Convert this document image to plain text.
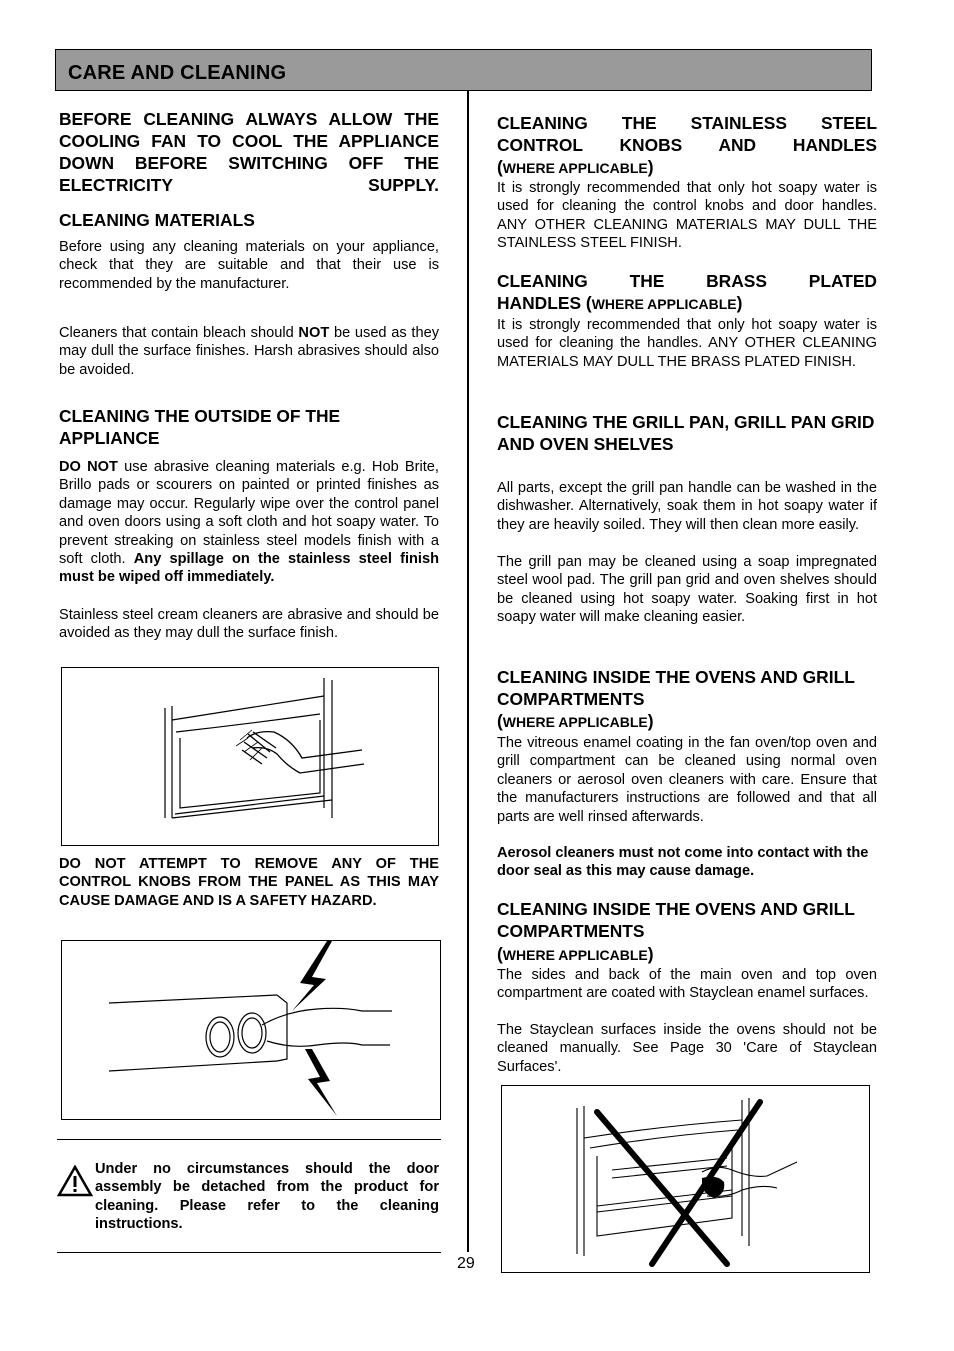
CARE AND CLEANING

BEFORE CLEANING ALWAYS ALLOW THE COOLING FAN TO COOL THE APPLIANCE DOWN BEFORE SWITCHING OFF THE ELECTRICITY SUPPLY.

CLEANING MATERIALS

Before using any cleaning materials on your appliance, check that they are suitable and that their use is recommended by the manufacturer.

Cleaners that contain bleach should NOT be used as they may dull the surface finishes. Harsh abrasives should also be avoided.

CLEANING THE OUTSIDE OF THE APPLIANCE

DO NOT use abrasive cleaning materials e.g. Hob Brite, Brillo pads or scourers on painted or printed finishes as damage may occur. Regularly wipe over the control panel and oven doors using a soft cloth and hot soapy water. To prevent streaking on stainless steel models finish with a soft cloth. Any spillage on the stainless steel finish must be wiped off immediately.

Stainless steel cream cleaners are abrasive and should be avoided as they may dull the surface finish.

DO NOT ATTEMPT TO REMOVE ANY OF THE CONTROL KNOBS FROM THE PANEL AS THIS MAY CAUSE DAMAGE AND IS A SAFETY HAZARD.

Under no circumstances should the door assembly be detached from the product for cleaning. Please refer to the cleaning instructions.

CLEANING THE STAINLESS STEEL CONTROL KNOBS AND HANDLES

(WHERE APPLICABLE)

It is strongly recommended that only hot soapy water is used for cleaning the control knobs and door handles. ANY OTHER CLEANING MATERIALS MAY DULL THE STAINLESS STEEL FINISH.

CLEANING THE BRASS PLATED

HANDLES (WHERE APPLICABLE)

It is strongly recommended that only hot soapy water is used for cleaning the handles. ANY OTHER CLEANING MATERIALS MAY DULL THE BRASS PLATED FINISH.

CLEANING THE GRILL PAN, GRILL PAN GRID AND OVEN SHELVES

All parts, except the grill pan handle can be washed in the dishwasher. Alternatively, soak them in hot soapy water if they are heavily soiled. They will then clean more easily.

The grill pan may be cleaned using a soap impregnated steel wool pad. The grill pan grid and oven shelves should be cleaned using hot soapy water. Soaking first in hot soapy water will make cleaning easier.

CLEANING INSIDE THE OVENS AND GRILL COMPARTMENTS

(WHERE APPLICABLE)

The vitreous enamel coating in the fan oven/top oven and grill compartment can be cleaned using normal oven cleaners or aerosol oven cleaners with care. Ensure that the manufacturers instructions are followed and that all parts are well rinsed afterwards.

Aerosol cleaners must not come into contact with the door seal as this may cause damage.

CLEANING INSIDE THE OVENS AND GRILL COMPARTMENTS

(WHERE APPLICABLE)

The sides and back of the main oven and top oven compartment are coated with Stayclean enamel surfaces.

The Stayclean surfaces inside the ovens should not be cleaned manually. See Page 30 'Care of Stayclean Surfaces'.

29
